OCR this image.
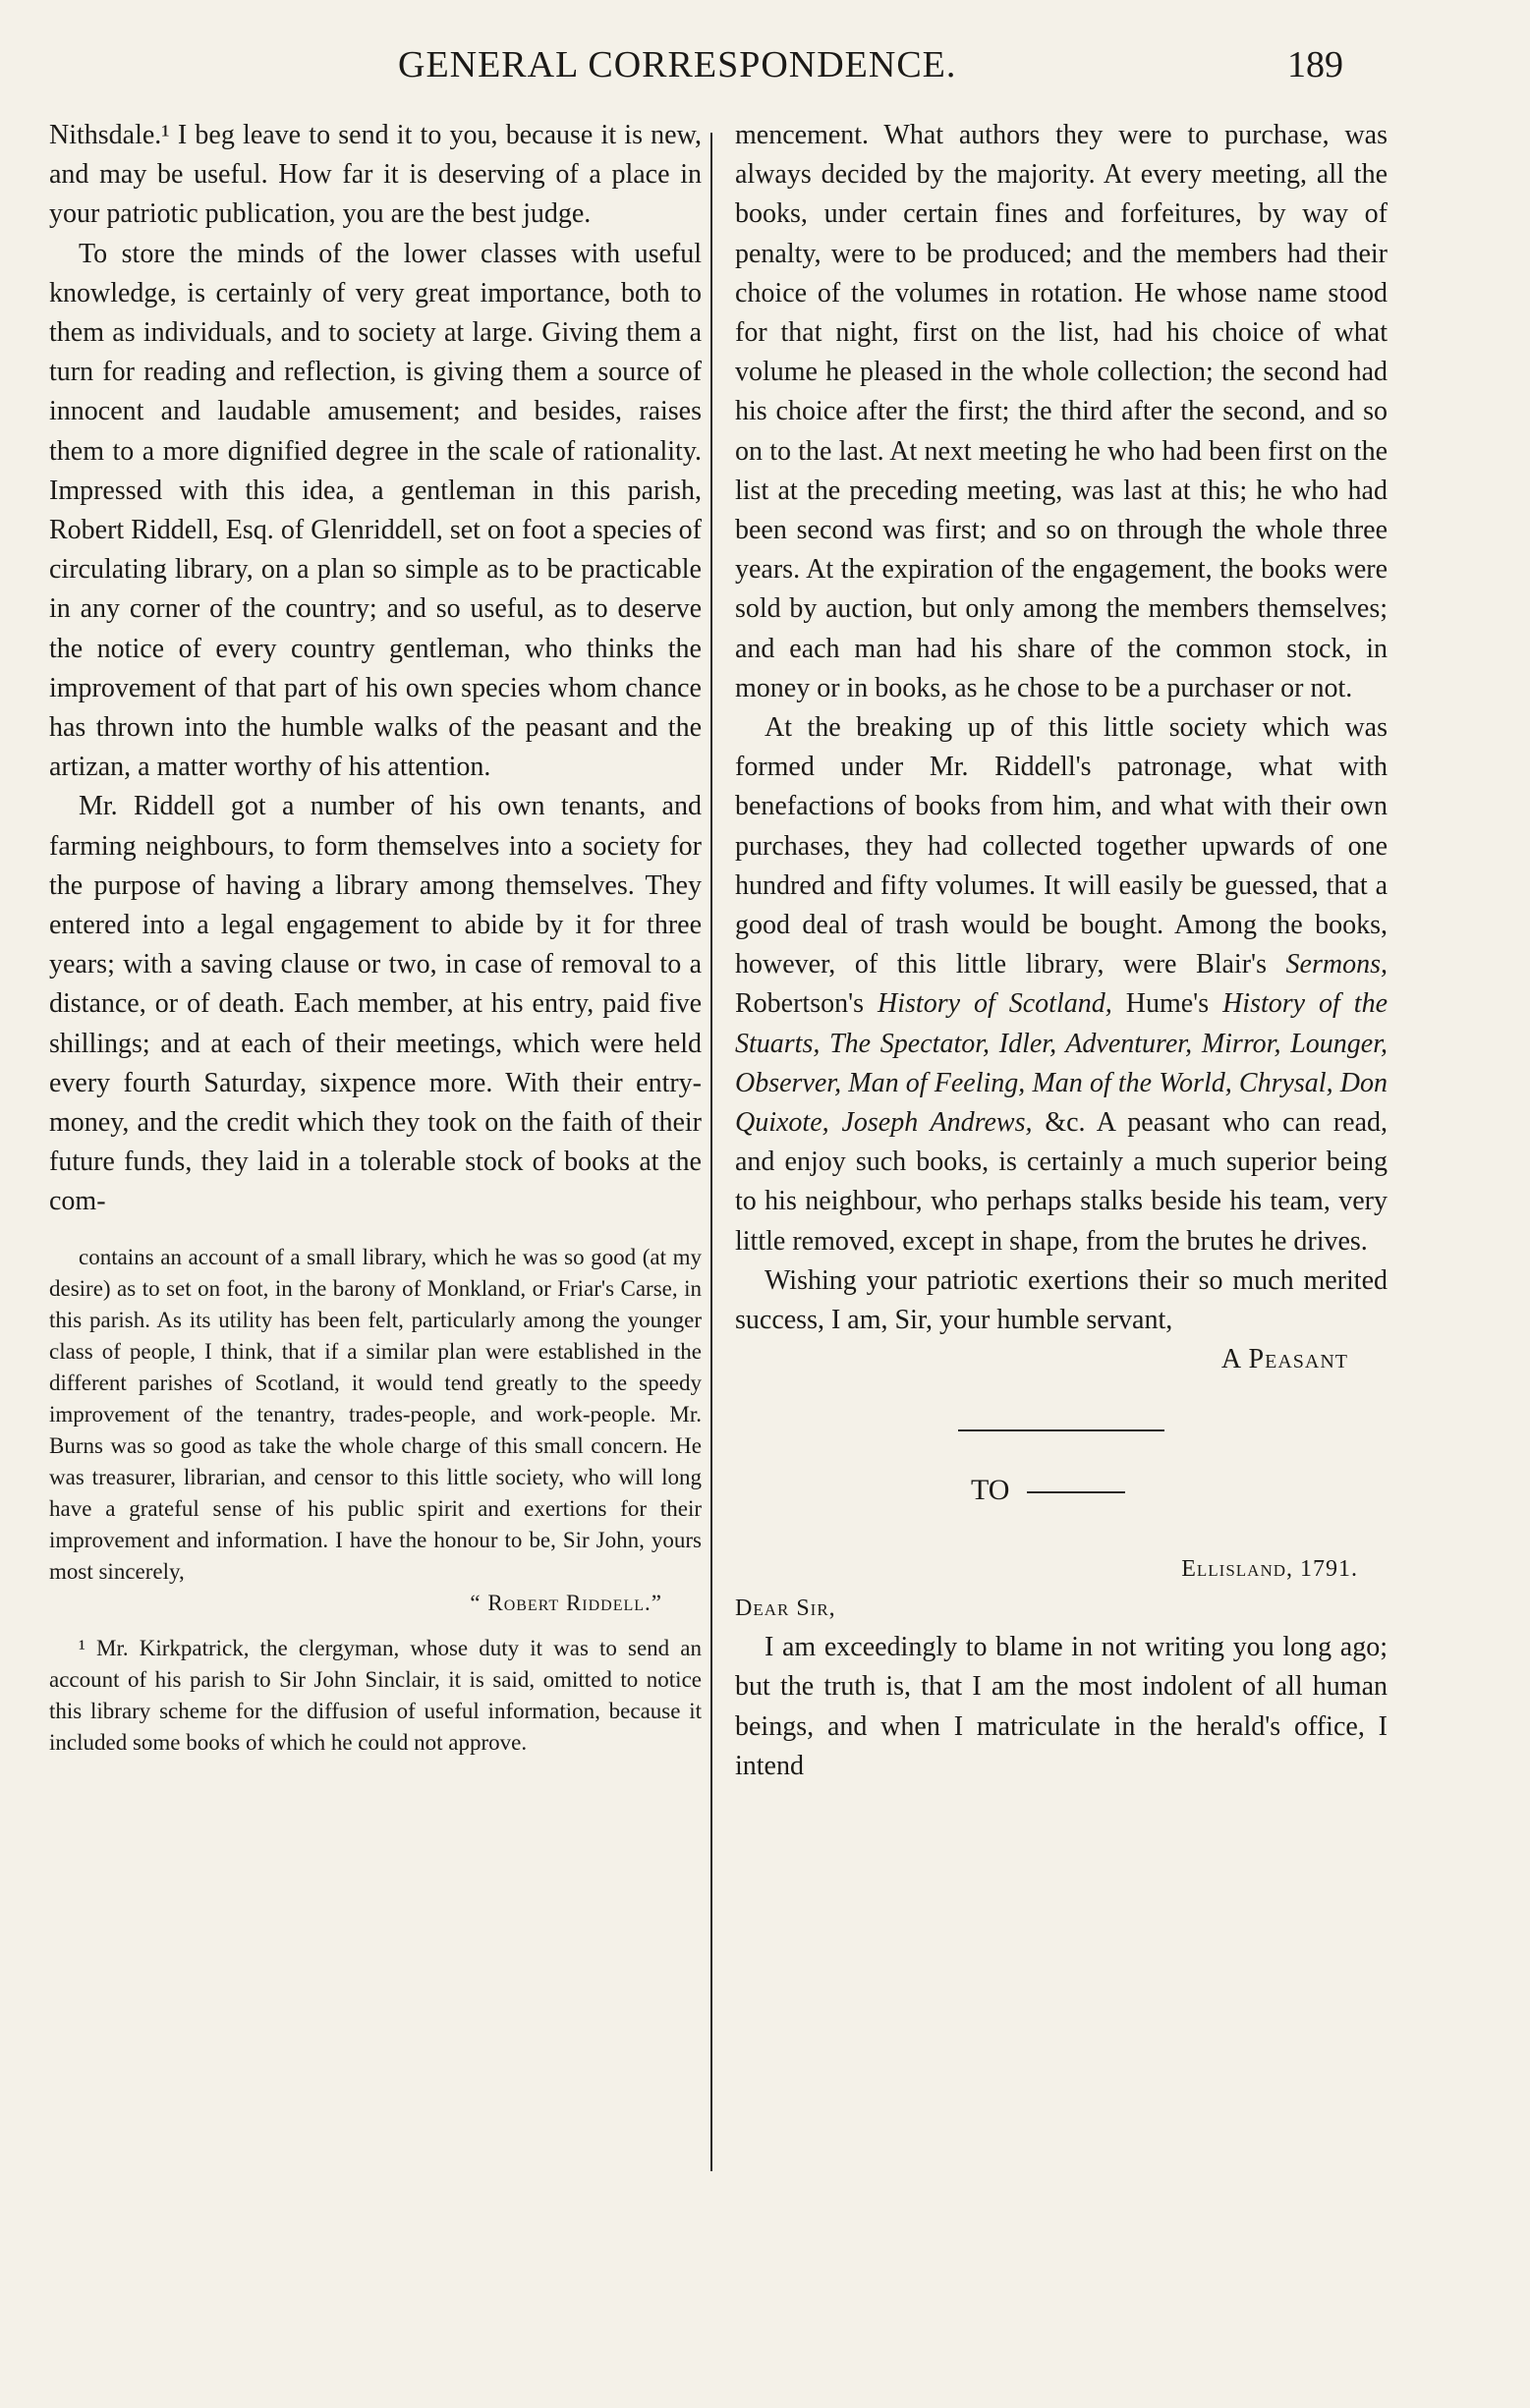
GENERAL CORRESPONDENCE.	189

Nithsdale.¹ I beg leave to send it to you, because it is new, and may be useful. How far it is deserving of a place in your patriotic publication, you are the best judge.

To store the minds of the lower classes with useful knowledge, is certainly of very great importance, both to them as individuals, and to society at large. Giving them a turn for reading and reflection, is giving them a source of innocent and laudable amusement; and besides, raises them to a more dignified degree in the scale of rationality. Impressed with this idea, a gentleman in this parish, Robert Riddell, Esq. of Glenriddell, set on foot a species of circulating library, on a plan so simple as to be practicable in any corner of the country; and so useful, as to deserve the notice of every country gentleman, who thinks the improvement of that part of his own species whom chance has thrown into the humble walks of the peasant and the artizan, a matter worthy of his attention.

Mr. Riddell got a number of his own tenants, and farming neighbours, to form themselves into a society for the purpose of having a library among themselves. They entered into a legal engagement to abide by it for three years; with a saving clause or two, in case of removal to a distance, or of death. Each member, at his entry, paid five shillings; and at each of their meetings, which were held every fourth Saturday, sixpence more. With their entry-money, and the credit which they took on the faith of their future funds, they laid in a tolerable stock of books at the com-

contains an account of a small library, which he was so good (at my desire) as to set on foot, in the barony of Monkland, or Friar's Carse, in this parish. As its utility has been felt, particularly among the younger class of people, I think, that if a similar plan were established in the different parishes of Scotland, it would tend greatly to the speedy improvement of the tenantry, trades-people, and work-people. Mr. Burns was so good as take the whole charge of this small concern. He was treasurer, librarian, and censor to this little society, who will long have a grateful sense of his public spirit and exertions for their improvement and information. I have the honour to be, Sir John, yours most sincerely,

“ Robert Riddell.”

¹ Mr. Kirkpatrick, the clergyman, whose duty it was to send an account of his parish to Sir John Sinclair, it is said, omitted to notice this library scheme for the diffusion of useful information, because it included some books of which he could not approve.

mencement. What authors they were to purchase, was always decided by the majority. At every meeting, all the books, under certain fines and forfeitures, by way of penalty, were to be produced; and the members had their choice of the volumes in rotation. He whose name stood for that night, first on the list, had his choice of what volume he pleased in the whole collection; the second had his choice after the first; the third after the second, and so on to the last. At next meeting he who had been first on the list at the preceding meeting, was last at this; he who had been second was first; and so on through the whole three years. At the expiration of the engagement, the books were sold by auction, but only among the members themselves; and each man had his share of the common stock, in money or in books, as he chose to be a purchaser or not.

At the breaking up of this little society which was formed under Mr. Riddell's patronage, what with benefactions of books from him, and what with their own purchases, they had collected together upwards of one hundred and fifty volumes. It will easily be guessed, that a good deal of trash would be bought. Among the books, however, of this little library, were Blair's Sermons, Robertson's History of Scotland, Hume's History of the Stuarts, The Spectator, Idler, Adventurer, Mirror, Lounger, Observer, Man of Feeling, Man of the World, Chrysal, Don Quixote, Joseph Andrews, &c. A peasant who can read, and enjoy such books, is certainly a much superior being to his neighbour, who perhaps stalks beside his team, very little removed, except in shape, from the brutes he drives.

Wishing your patriotic exertions their so much merited success, I am, Sir, your humble servant,

A Peasant

TO

Ellisland, 1791.

Dear Sir,

I am exceedingly to blame in not writing you long ago; but the truth is, that I am the most indolent of all human beings, and when I matriculate in the herald's office, I intend
